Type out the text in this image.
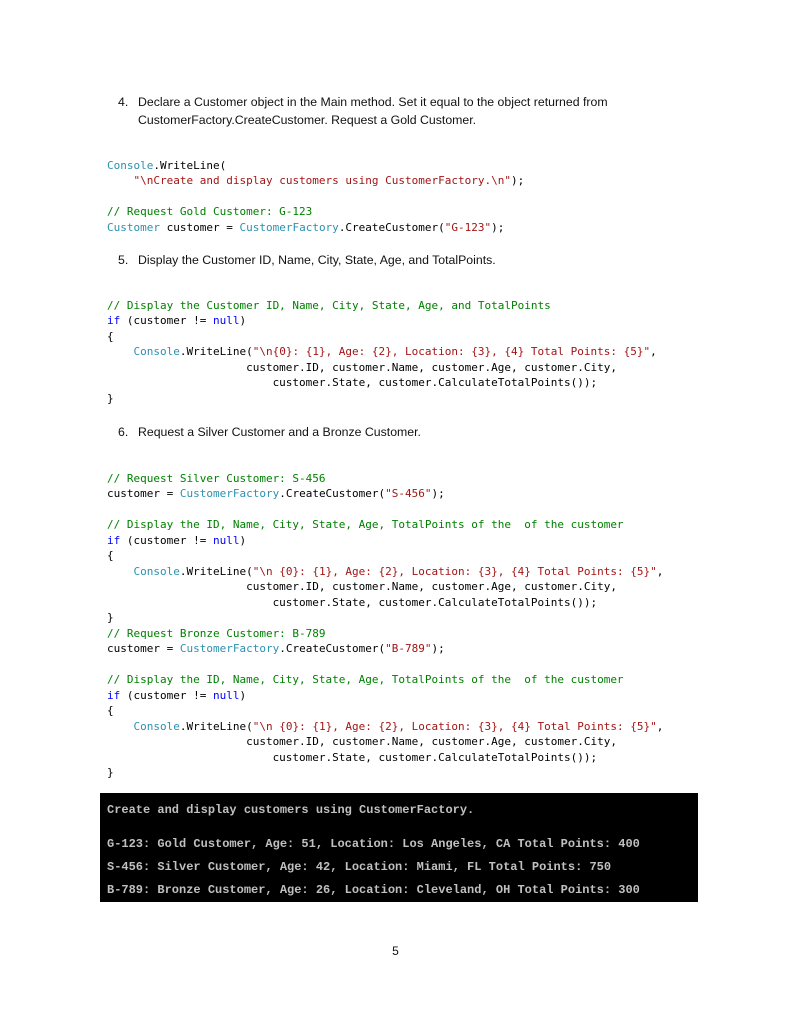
4. Declare a Customer object in the Main method. Set it equal to the object returned from
CustomerFactory.CreateCustomer. Request a Gold Customer.

Console.WriteLine(
"\nCreate and display customers using CustomerFactory.\n");
// Request Gold Customer: G-123
Customer customer = CustomerFactory.CreateCustomer("G-123");

5. Display the Customer ID, Name, City, State, Age, and TotalPoints.

// Display the Customer ID, Name, City, State, Age, and TotalPoints
if (customer != null)
{
Console.WriteLine("\n{0}: {1}, Age: {2}, Location: {3}, {4} Total Points: {5}",
customer.ID, customer.Name, customer.Age, customer.City,
customer.State, customer.CalculateTotalPoints());
}

6. Request a Silver Customer and a Bronze Customer.

// Request Silver Customer: S-456
customer = CustomerFactory.CreateCustomer("S-456");
// Display the ID, Name, City, State, Age, TotalPoints of the  of the customer
if (customer != null)
{
Console.WriteLine("\n {0}: {1}, Age: {2}, Location: {3}, {4} Total Points: {5}",
customer.ID, customer.Name, customer.Age, customer.City,
customer.State, customer.CalculateTotalPoints());
}
// Request Bronze Customer: B-789
customer = CustomerFactory.CreateCustomer("B-789");
// Display the ID, Name, City, State, Age, TotalPoints of the  of the customer
if (customer != null)
{
Console.WriteLine("\n {0}: {1}, Age: {2}, Location: {3}, {4} Total Points: {5}",
customer.ID, customer.Name, customer.Age, customer.City,
customer.State, customer.CalculateTotalPoints());
}

Create and display customers using CustomerFactory.
G-123: Gold Customer, Age: 51, Location: Los Angeles, CA Total Points: 400
S-456: Silver Customer, Age: 42, Location: Miami, FL Total Points: 750
B-789: Bronze Customer, Age: 26, Location: Cleveland, OH Total Points: 300
5
